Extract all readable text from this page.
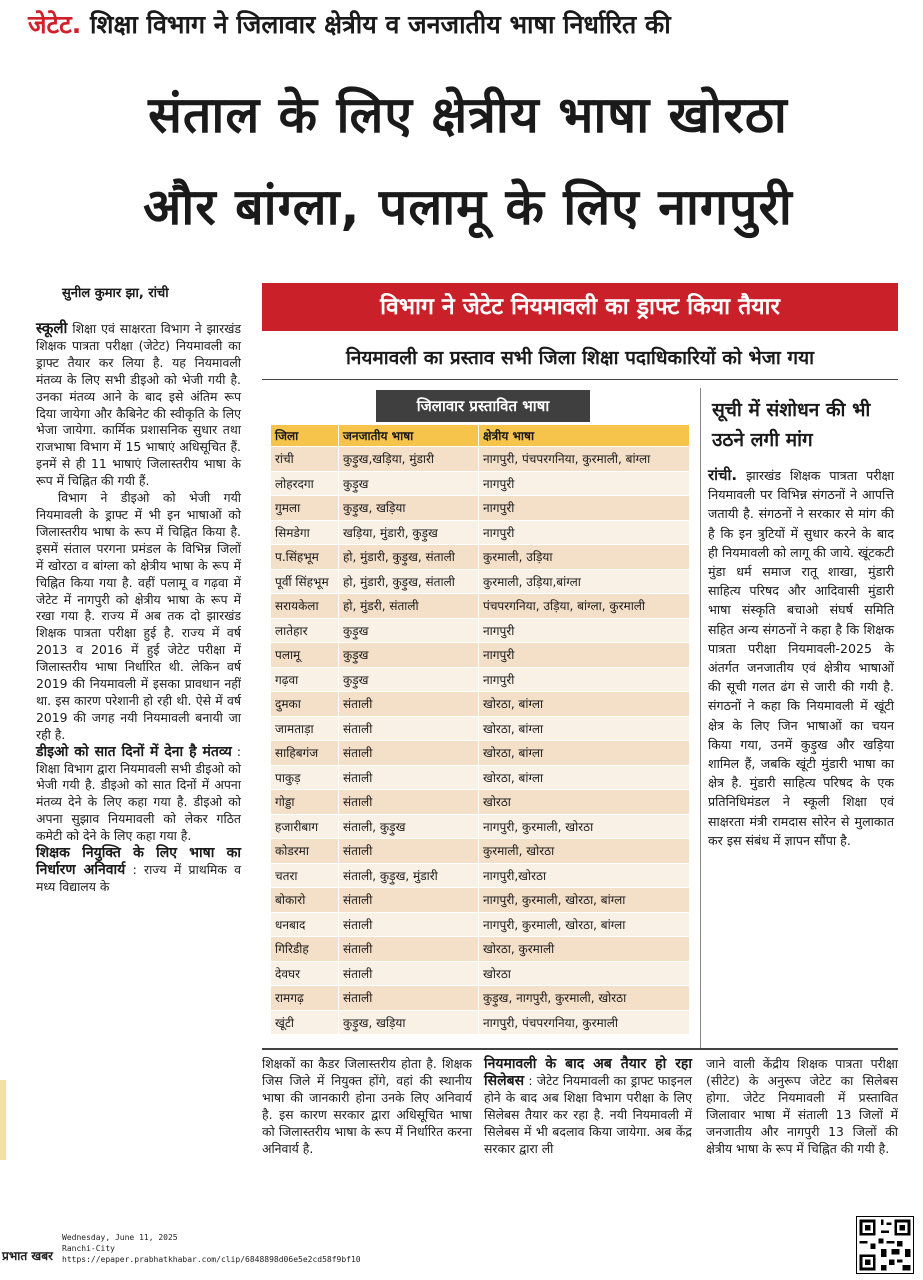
जेटेट. शिक्षा विभाग ने जिलावार क्षेत्रीय व जनजातीय भाषा निर्धारित की
संताल के लिए क्षेत्रीय भाषा खोरठा
और बांग्ला, पलामू के लिए नागपुरी
सुनील कुमार झा, रांची

स्कूली शिक्षा एवं साक्षरता विभाग ने झारखंड शिक्षक पात्रता परीक्षा (जेटेट) नियमावली का ड्राफ्ट तैयार कर लिया है. यह नियमावली मंतव्य के लिए सभी डीइओ को भेजी गयी है. उनका मंतव्य आने के बाद इसे अंतिम रूप दिया जायेगा और कैबिनेट की स्वीकृति के लिए भेजा जायेगा. कार्मिक प्रशासनिक सुधार तथा राजभाषा विभाग में 15 भाषाएं अधिसूचित हैं. इनमें से ही 11 भाषाएं जिलास्तरीय भाषा के रूप में चिह्नित की गयी हैं.

विभाग ने डीइओ को भेजी गयी नियमावली के ड्राफ्ट में भी इन भाषाओं को जिलास्तरीय भाषा के रूप में चिह्नित किया है. इसमें संताल परगना प्रमंडल के विभिन्न जिलों में खोरठा व बांग्ला को क्षेत्रीय भाषा के रूप में चिह्नित किया गया है. वहीं पलामू व गढ़वा में जेटेट में नागपुरी को क्षेत्रीय भाषा के रूप में रखा गया है. राज्य में अब तक दो झारखंड शिक्षक पात्रता परीक्षा हुई है. राज्य में वर्ष 2013 व 2016 में हुई जेटेट परीक्षा में जिलास्तरीय भाषा निर्धारित थी. लेकिन वर्ष 2019 की नियमावली में इसका प्रावधान नहीं था. इस कारण परेशानी हो रही थी. ऐसे में वर्ष 2019 की जगह नयी नियमावली बनायी जा रही है.

डीइओ को सात दिनों में देना है मंतव्य : शिक्षा विभाग द्वारा नियमावली सभी डीइओ को भेजी गयी है. डीइओ को सात दिनों में अपना मंतव्य देने के लिए कहा गया है. डीइओ को अपना सुझाव नियमावली को लेकर गठित कमेटी को देने के लिए कहा गया है.

शिक्षक नियुक्ति के लिए भाषा का निर्धारण अनिवार्य : राज्य में प्राथमिक व मध्य विद्यालय के

विभाग ने जेटेट नियमावली का ड्राफ्ट किया तैयार
नियमावली का प्रस्ताव सभी जिला शिक्षा पदाधिकारियों को भेजा गया
जिलावार प्रस्तावित भाषा
जिला	जनजातीय भाषा	क्षेत्रीय भाषा
रांची	कुड़ुख,खड़िया, मुंडारी	नागपुरी, पंचपरगनिया, कुरमाली, बांग्ला
लोहरदगा	कुड़ुख	नागपुरी
गुमला	कुड़ुख, खड़िया	नागपुरी
सिमडेगा	खड़िया, मुंडारी, कुड़ुख	नागपुरी
प.सिंहभूम	हो, मुंडारी, कुड़ुख, संताली	कुरमाली, उड़िया
पूर्वी सिंहभूम	हो, मुंडारी, कुड़ुख, संताली	कुरमाली, उड़िया,बांग्ला
सरायकेला	हो, मुंडरी, संताली	पंचपरगनिया, उड़िया, बांग्ला, कुरमाली
लातेहार	कुड़ुख	नागपुरी
पलामू	कुड़ुख	नागपुरी
गढ़वा	कुड़ुख	नागपुरी
दुमका	संताली	खोरठा, बांग्ला
जामताड़ा	संताली	खोरठा, बांग्ला
साहिबगंज	संताली	खोरठा, बांग्ला
पाकुड़	संताली	खोरठा, बांग्ला
गोड्डा	संताली	खोरठा
हजारीबाग	संताली, कुड़ुख	नागपुरी, कुरमाली, खोरठा
कोडरमा	संताली	कुरमाली, खोरठा
चतरा	संताली, कुड़ुख, मुंडारी	नागपुरी,खोरठा
बोकारो	संताली	नागपुरी, कुरमाली, खोरठा, बांग्ला
धनबाद	संताली	नागपुरी, कुरमाली, खोरठा, बांग्ला
गिरिडीह	संताली	खोरठा, कुरमाली
देवघर	संताली	खोरठा
रामगढ़	संताली	कुड़ुख, नागपुरी, कुरमाली, खोरठा
खूंटी	कुड़ुख, खड़िया	नागपुरी, पंचपरगनिया, कुरमाली
सूची में संशोधन की भी उठने लगी मांग

रांची. झारखंड शिक्षक पात्रता परीक्षा नियमावली पर विभिन्न संगठनों ने आपत्ति जतायी है. संगठनों ने सरकार से मांग की है कि इन त्रुटियों में सुधार करने के बाद ही नियमावली को लागू की जाये. खूंटकटी मुंडा धर्म समाज रातू शाखा, मुंडारी साहित्य परिषद और आदिवासी मुंडारी भाषा संस्कृति बचाओ संघर्ष समिति सहित अन्य संगठनों ने कहा है कि शिक्षक पात्रता परीक्षा नियमावली-2025 के अंतर्गत जनजातीय एवं क्षेत्रीय भाषाओं की सूची गलत ढंग से जारी की गयी है. संगठनों ने कहा कि नियमावली में खूंटी क्षेत्र के लिए जिन भाषाओं का चयन किया गया, उनमें कुड़ुख और खड़िया शामिल हैं, जबकि खूंटी मुंडारी भाषा का क्षेत्र है. मुंडारी साहित्य परिषद के एक प्रतिनिधिमंडल ने स्कूली शिक्षा एवं साक्षरता मंत्री रामदास सोरेन से मुलाकात कर इस संबंध में ज्ञापन सौंपा है.

शिक्षकों का कैडर जिलास्तरीय होता है. शिक्षक जिस जिले में नियुक्त होंगे, वहां की स्थानीय भाषा की जानकारी होना उनके लिए अनिवार्य है. इस कारण सरकार द्वारा अधिसूचित भाषा को जिलास्तरीय भाषा के रूप में निर्धारित करना अनिवार्य है.

नियमावली के बाद अब तैयार हो रहा सिलेबस : जेटेट नियमावली का ड्राफ्ट फाइनल होने के बाद अब शिक्षा विभाग परीक्षा के लिए सिलेबस तैयार कर रहा है. नयी नियमावली में सिलेबस में भी बदलाव किया जायेगा. अब केंद्र सरकार द्वारा ली

जाने वाली केंद्रीय शिक्षक पात्रता परीक्षा (सीटेट) के अनुरूप जेटेट का सिलेबस होगा. जेटेट नियमावली में प्रस्तावित जिलावार भाषा में संताली 13 जिलों में जनजातीय और नागपुरी 13 जिलों की क्षेत्रीय भाषा के रूप में चिह्नित की गयी है.

प्रभात खबर
Wednesday, June 11, 2025
Ranchi-City
https://epaper.prabhatkhabar.com/clip/6848898d06e5e2cd58f9bf10
